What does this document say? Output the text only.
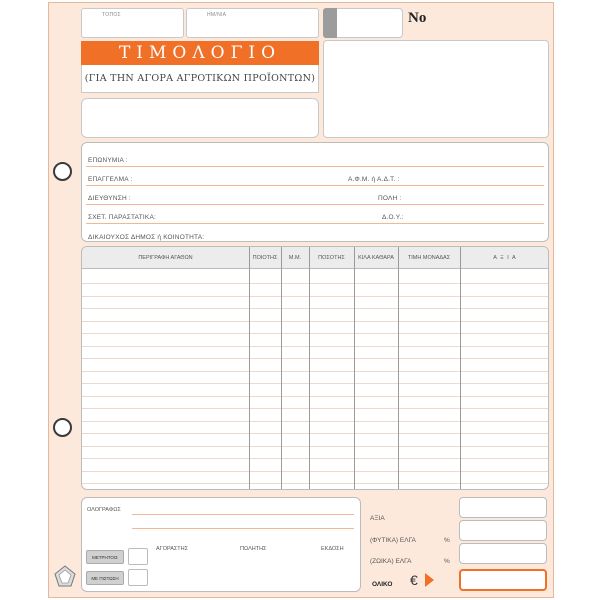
ΤΟΠΟΣ	ΗΜ/ΝΙΑ
ΤΙΜΟΛΟΓΙΟ
(ΓΙΑ ΤΗΝ ΑΓΟΡΑ ΑΓΡΟΤΙΚΩΝ ΠΡΟΪΟΝΤΩΝ)
Νο
ΕΠΩΝΥΜΙΑ :
ΕΠΑΓΓΕΛΜΑ :	Α.Φ.Μ. ή Α.Δ.Τ. :
ΔΙΕΥΘΥΝΣΗ :	ΠΟΛΗ :
ΣΧΕΤ. ΠΑΡΑΣΤΑΤΙΚΑ:	Δ.Ο.Υ.:
ΔΙΚΑΙΟΥΧΟΣ ΔΗΜΟΣ ή ΚΟΙΝΟΤΗΤΑ:
ΠΕΡΙΓΡΑΦΗ ΑΓΑΘΩΝ	ΠΟΙΟΤΗΣ	Μ.Μ.	ΠΟΣΟΤΗΣ	ΚΙΛΑ ΚΑΘΑΡΑ	ΤΙΜΗ ΜΟΝΑΔΑΣ	Α Ξ Ι Α
ΟΛΟΓΡΑΦΩΣ
ΑΓΟΡΑΣΤΗΣ	ΠΩΛΗΤΗΣ	ΕΚΔΟΣΗ
ΜΕΤΡΗΤΟΙΣ
ΜΕ ΠΙΣΤΩΣΗ
ΑΞΙΑ
(ΦΥΤΙΚΑ) ΕΛΓΑ	%
(ΖΩΙΚΑ) ΕΛΓΑ	%
ΟΛΙΚΟ €
